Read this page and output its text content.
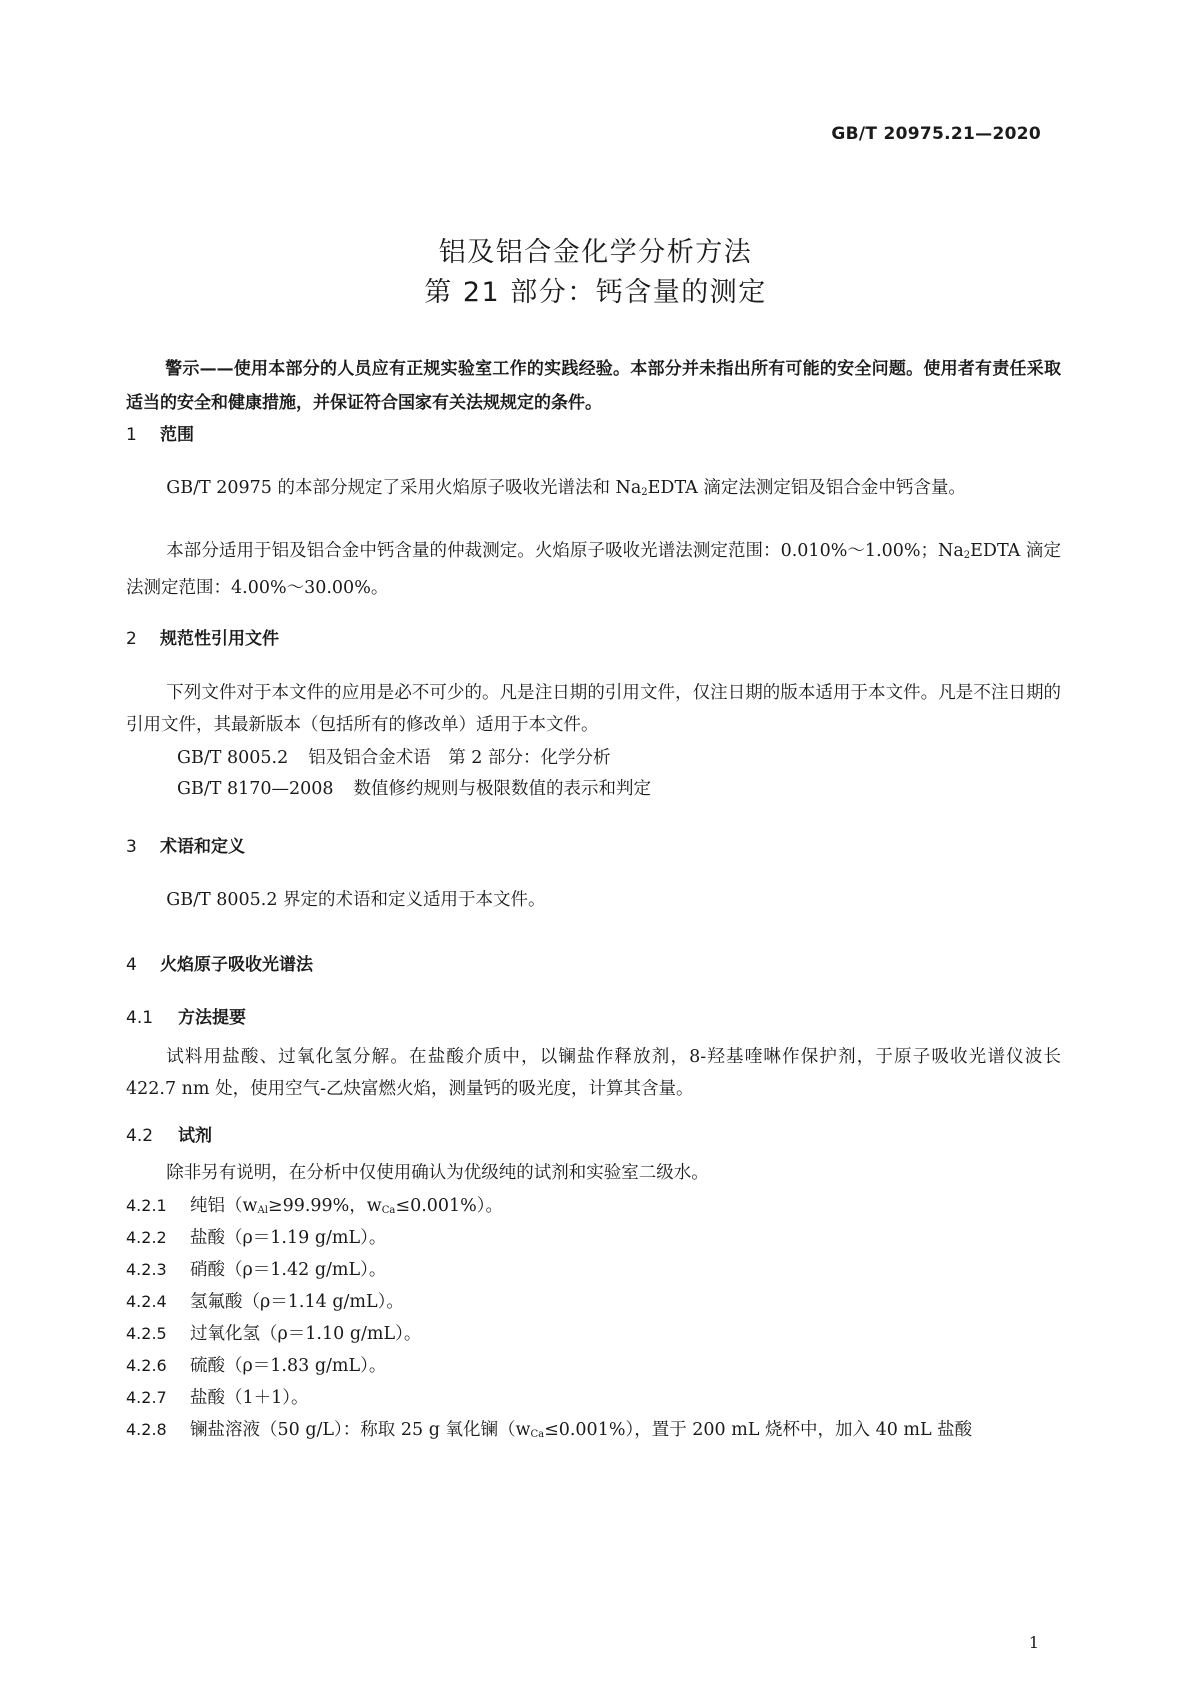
GB/T 20975.21—2020
铝及铝合金化学分析方法
第 21 部分：钙含量的测定
警示——使用本部分的人员应有正规实验室工作的实践经验。本部分并未指出所有可能的安全问题。使用者有责任采取适当的安全和健康措施，并保证符合国家有关法规规定的条件。
1 范围
GB/T 20975 的本部分规定了采用火焰原子吸收光谱法和 $Na_2EDTA$ 滴定法测定铝及铝合金中钙含量。
本部分适用于铝及铝合金中钙含量的仲裁测定。火焰原子吸收光谱法测定范围：0.010%～1.00%；$Na_2EDTA$ 滴定法测定范围：4.00%～30.00%。
2 规范性引用文件
下列文件对于本文件的应用是必不可少的。凡是注日期的引用文件，仅注日期的版本适用于本文件。凡是不注日期的引用文件，其最新版本（包括所有的修改单）适用于本文件。
GB/T 8005.2 铝及铝合金术语　第 2 部分：化学分析
GB/T 8170—2008 数值修约规则与极限数值的表示和判定
3 术语和定义
GB/T 8005.2 界定的术语和定义适用于本文件。
4 火焰原子吸收光谱法
4.1 方法提要
试料用盐酸、过氧化氢分解。在盐酸介质中，以镧盐作释放剂，8-羟基喹啉作保护剂，于原子吸收光谱仪波长 422.7 nm 处，使用空气-乙炔富燃火焰，测量钙的吸光度，计算其含量。
4.2 试剂
除非另有说明，在分析中仅使用确认为优级纯的试剂和实验室二级水。
4.2.1 纯铝（$w_{Al}\ge 99.99\%$，$w_{Ca}\le 0.001\%$）。
4.2.2 盐酸（ρ＝1.19 g/mL）。
4.2.3 硝酸（ρ＝1.42 g/mL）。
4.2.4 氢氟酸（ρ＝1.14 g/mL）。
4.2.5 过氧化氢（ρ＝1.10 g/mL）。
4.2.6 硫酸（ρ＝1.83 g/mL）。
4.2.7 盐酸（1＋1）。
4.2.8 镧盐溶液（50 g/L）：称取 25 g 氧化镧$(w_{Ca}\le 0.001\%)$，置于 200 mL 烧杯中，加入 40 mL 盐酸
1
